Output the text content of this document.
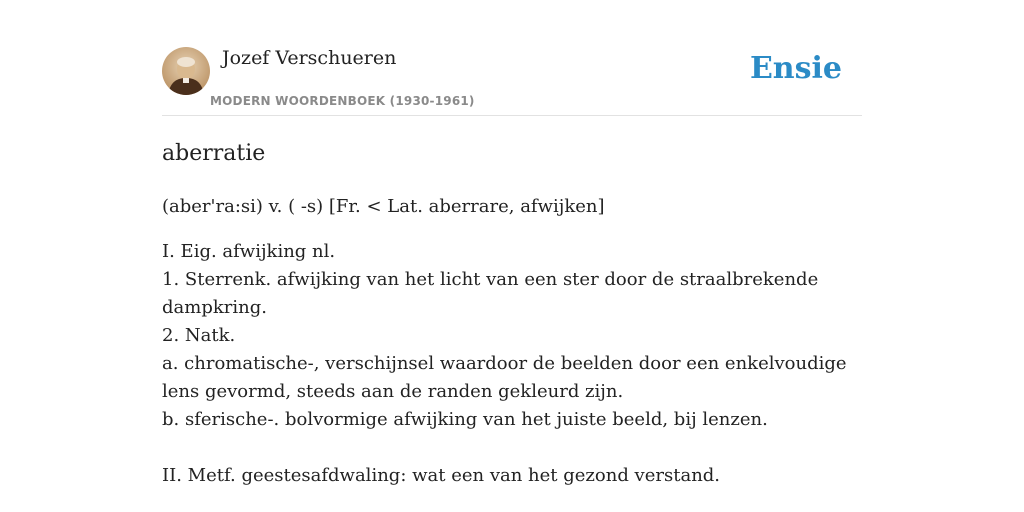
Jozef Verschueren
MODERN WOORDENBOEK (1930-1961)
Ensie
aberratie
(aber'ra:si) v. ( -s) [Fr. < Lat. aberrare, afwijken]
I. Eig. afwijking nl.
1. Sterrenk. afwijking van het licht van een ster door de straalbrekende dampkring.
2. Natk.
a. chromatische-, verschijnsel waardoor de beelden door een enkelvoudige lens gevormd, steeds aan de randen gekleurd zijn.
b. sferische-. bolvormige afwijking van het juiste beeld, bij lenzen.
II. Metf. geestesafdwaling: wat een van het gezond verstand.
